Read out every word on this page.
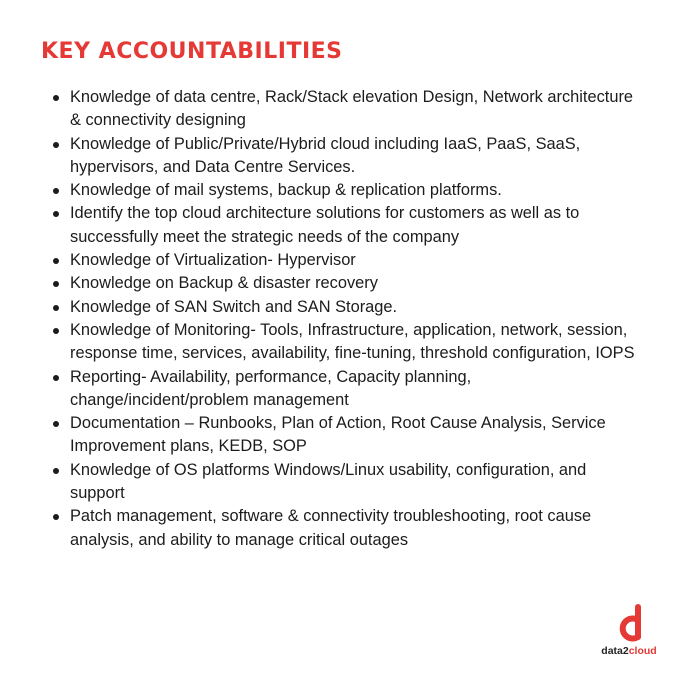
KEY ACCOUNTABILITIES
Knowledge of data centre, Rack/Stack elevation Design, Network architecture & connectivity designing
Knowledge of Public/Private/Hybrid cloud including IaaS, PaaS, SaaS, hypervisors, and Data Centre Services.
Knowledge of mail systems, backup & replication platforms.
Identify the top cloud architecture solutions for customers as well as to successfully meet the strategic needs of the company
Knowledge of Virtualization- Hypervisor
Knowledge on Backup & disaster recovery
Knowledge of SAN Switch and SAN Storage.
Knowledge of Monitoring- Tools, Infrastructure, application, network, session, response time, services, availability, fine-tuning, threshold configuration, IOPS
Reporting- Availability, performance, Capacity planning, change/incident/problem management
Documentation – Runbooks, Plan of Action, Root Cause Analysis, Service Improvement plans, KEDB, SOP
Knowledge of OS platforms Windows/Linux usability, configuration, and support
Patch management, software & connectivity troubleshooting, root cause analysis, and ability to manage critical outages
data2cloud
